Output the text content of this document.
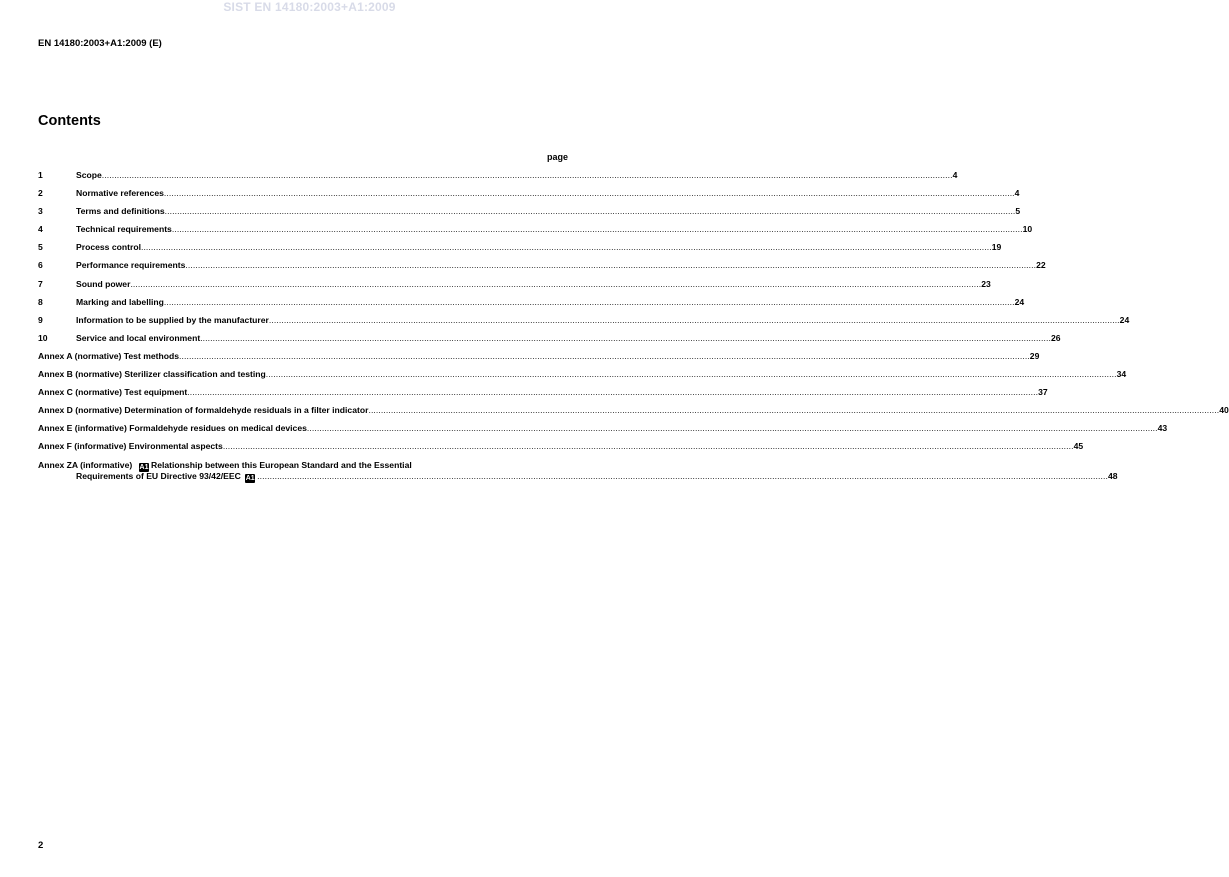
SIST EN 14180:2003+A1:2009
EN 14180:2003+A1:2009 (E)
Contents
page
1	Scope ...................................................................................................................................................................................................................................................................................................................................................... 4
2	Normative references ...................................................................................................................................................................................................................................................................................................................................................... 4
3	Terms and definitions ...................................................................................................................................................................................................................................................................................................................................................... 5
4	Technical requirements ...................................................................................................................................................................................................................................................................................................................................................... 10
5	Process control ...................................................................................................................................................................................................................................................................................................................................................... 19
6	Performance requirements ...................................................................................................................................................................................................................................................................................................................................................... 22
7	Sound power ...................................................................................................................................................................................................................................................................................................................................................... 23
8	Marking and labelling ...................................................................................................................................................................................................................................................................................................................................................... 24
9	Information to be supplied by the manufacturer ...................................................................................................................................................................................................................................................................................................................................................... 24
10	Service and local environment ...................................................................................................................................................................................................................................................................................................................................................... 26
Annex A (normative) Test methods ...................................................................................................................................................................................................................................................................................................................................................... 29
Annex B (normative) Sterilizer classification and testing ...................................................................................................................................................................................................................................................................................................................................................... 34
Annex C (normative) Test equipment ...................................................................................................................................................................................................................................................................................................................................................... 37
Annex D (normative) Determination of formaldehyde residuals in a filter indicator ...................................................................................................................................................................................................................................................................................................................................................... 40
Annex E (informative) Formaldehyde residues on medical devices ...................................................................................................................................................................................................................................................................................................................................................... 43
Annex F (informative) Environmental aspects ...................................................................................................................................................................................................................................................................................................................................................... 45
Annex ZA (informative) A1 Relationship between this European Standard and the Essential
Requirements of EU Directive 93/42/EEC A1 ...................................................................................................................................................................................................................................................................................................................................................... 48
2
